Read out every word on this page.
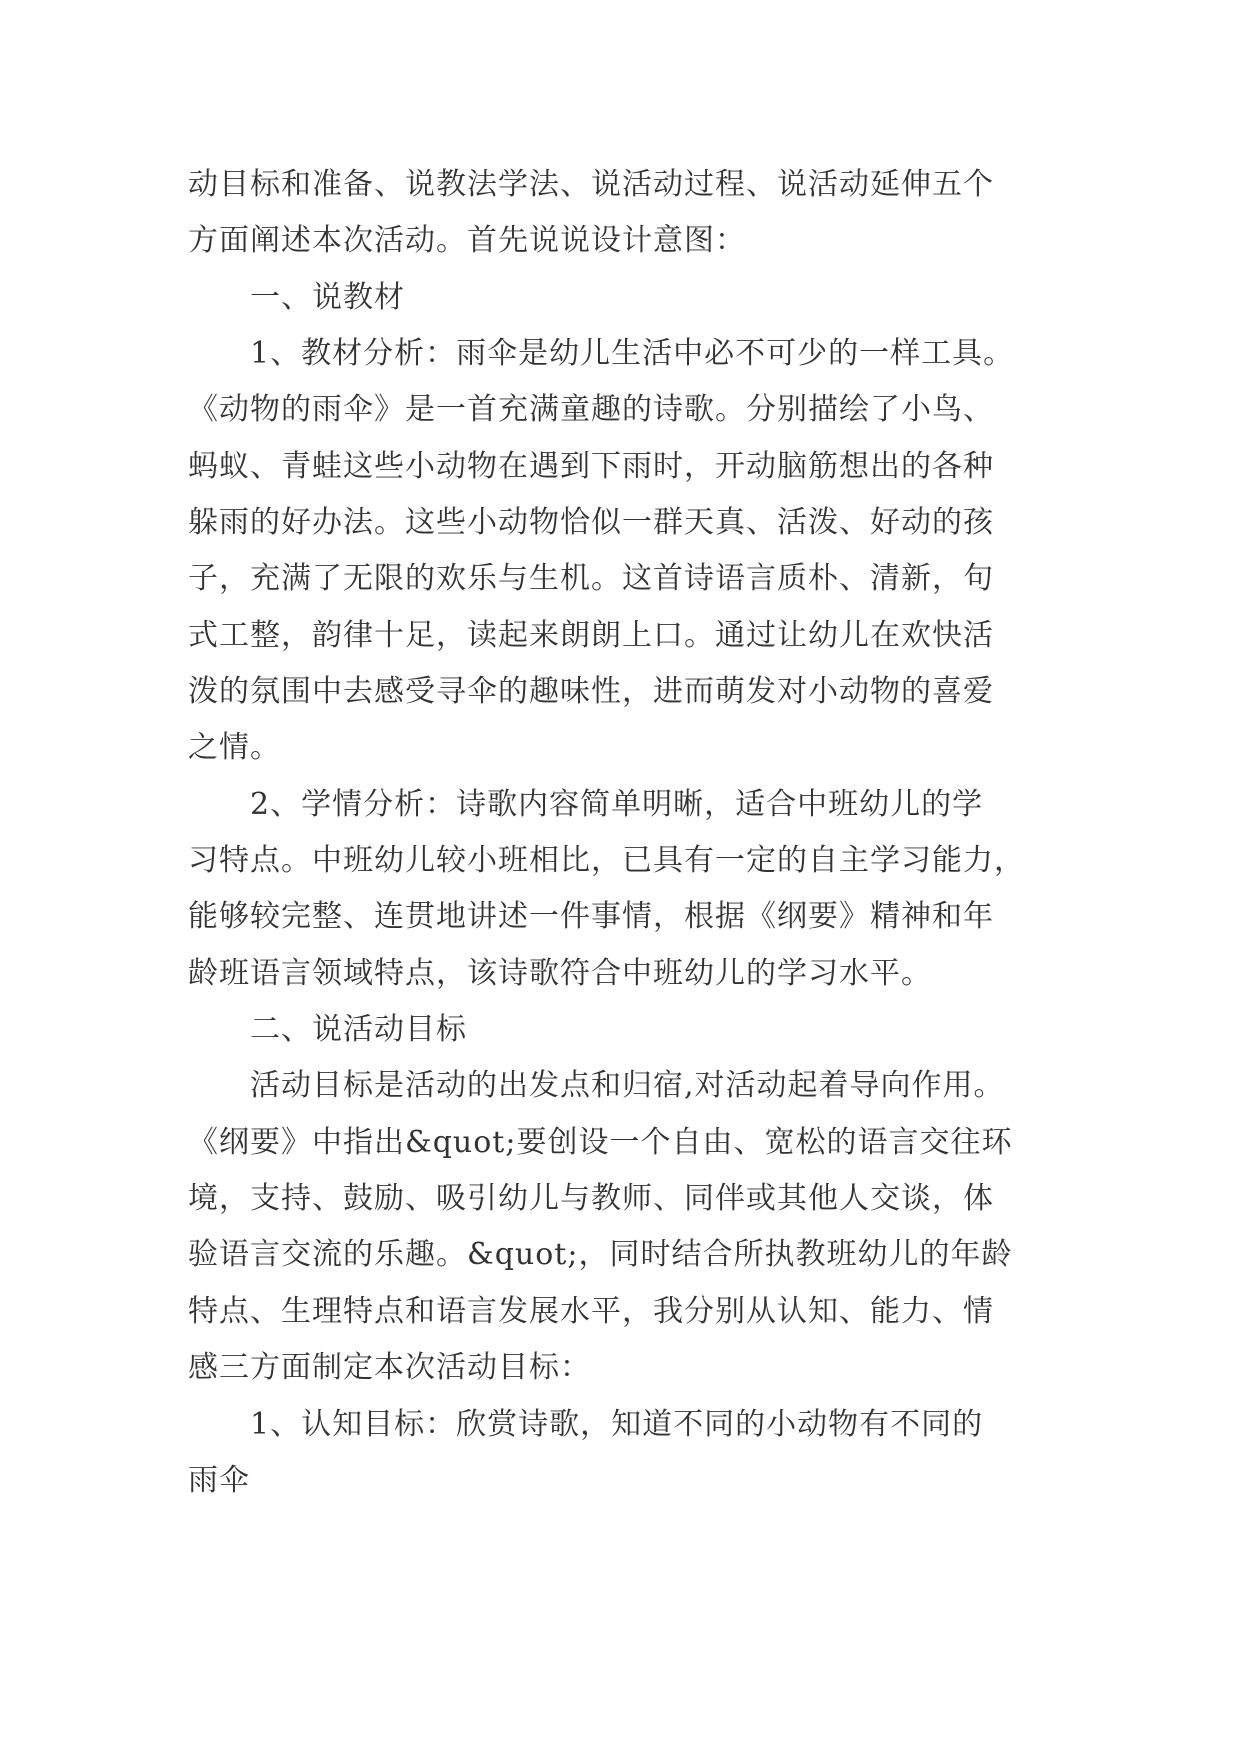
动目标和准备、说教法学法、说活动过程、说活动延伸五个
方面阐述本次活动。首先说说设计意图：
一、说教材
1、教材分析：雨伞是幼儿生活中必不可少的一样工具。
《动物的雨伞》是一首充满童趣的诗歌。分别描绘了小鸟、
蚂蚁、青蛙这些小动物在遇到下雨时，开动脑筋想出的各种
躲雨的好办法。这些小动物恰似一群天真、活泼、好动的孩
子，充满了无限的欢乐与生机。这首诗语言质朴、清新，句
式工整，韵律十足，读起来朗朗上口。通过让幼儿在欢快活
泼的氛围中去感受寻伞的趣味性，进而萌发对小动物的喜爱
之情。
2、学情分析：诗歌内容简单明晰，适合中班幼儿的学
习特点。中班幼儿较小班相比，已具有一定的自主学习能力，
能够较完整、连贯地讲述一件事情，根据《纲要》精神和年
龄班语言领域特点，该诗歌符合中班幼儿的学习水平。
二、说活动目标
活动目标是活动的出发点和归宿,对活动起着导向作用。
《纲要》中指出&quot;要创设一个自由、宽松的语言交往环
境，支持、鼓励、吸引幼儿与教师、同伴或其他人交谈，体
验语言交流的乐趣。&quot;，同时结合所执教班幼儿的年龄
特点、生理特点和语言发展水平，我分别从认知、能力、情
感三方面制定本次活动目标：
1、认知目标：欣赏诗歌，知道不同的小动物有不同的
雨伞
